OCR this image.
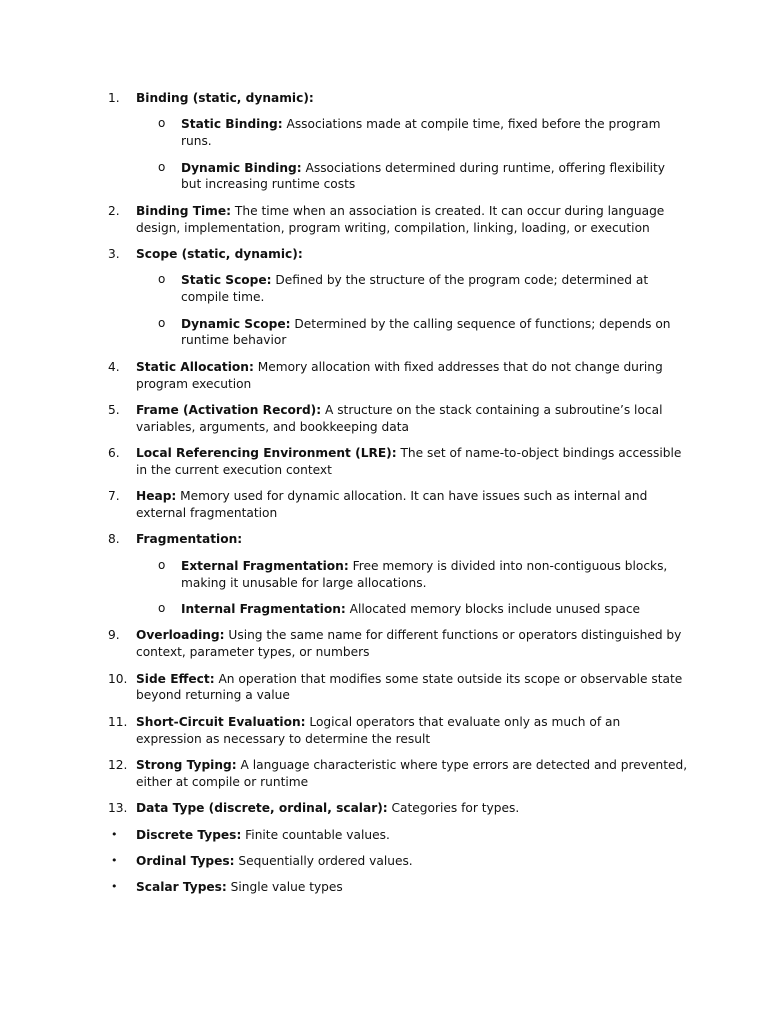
1.	Binding (static, dynamic):
o Static Binding: Associations made at compile time, fixed before the program runs.
o Dynamic Binding: Associations determined during runtime, offering flexibility but increasing runtime costs
2.	Binding Time: The time when an association is created. It can occur during language design, implementation, program writing, compilation, linking, loading, or execution
3.	Scope (static, dynamic):
o Static Scope: Defined by the structure of the program code; determined at compile time.
o Dynamic Scope: Determined by the calling sequence of functions; depends on runtime behavior
4.	Static Allocation: Memory allocation with fixed addresses that do not change during program execution
5.	Frame (Activation Record): A structure on the stack containing a subroutine’s local variables, arguments, and bookkeeping data
6.	Local Referencing Environment (LRE): The set of name-to-object bindings accessible in the current execution context
7.	Heap: Memory used for dynamic allocation. It can have issues such as internal and external fragmentation
8.	Fragmentation:
o External Fragmentation: Free memory is divided into non-contiguous blocks, making it unusable for large allocations.
o Internal Fragmentation: Allocated memory blocks include unused space
9.	Overloading: Using the same name for different functions or operators distinguished by context, parameter types, or numbers
10. Side Effect: An operation that modifies some state outside its scope or observable state beyond returning a value
11. Short-Circuit Evaluation: Logical operators that evaluate only as much of an expression as necessary to determine the result
12. Strong Typing: A language characteristic where type errors are detected and prevented, either at compile or runtime
13. Data Type (discrete, ordinal, scalar): Categories for types.
•	Discrete Types: Finite countable values.
•	Ordinal Types: Sequentially ordered values.
•	Scalar Types: Single value types
